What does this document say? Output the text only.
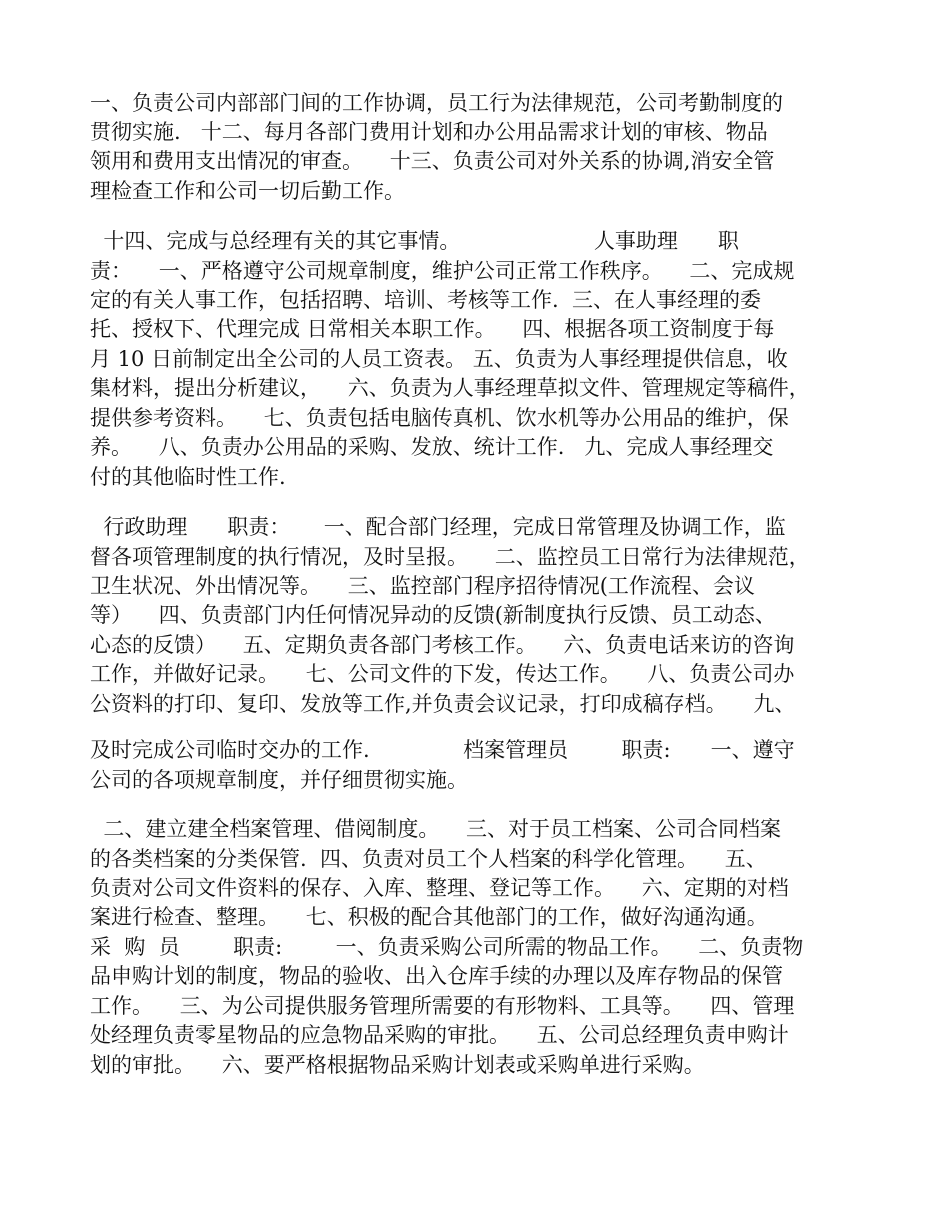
一、负责公司内部部门间的工作协调，员工行为法律规范，公司考勤制度的

贯彻实施.   十二、每月各部门费用计划和办公用品需求计划的审核、物品

领用和费用支出情况的审查。    十三、负责公司对外关系的协调,消安全管

理检查工作和公司一切后勤工作。

十四、完成与总经理有关的其它事情。                    人事助理      职

责：    一、严格遵守公司规章制度，维护公司正常工作秩序。    二、完成规

定的有关人事工作，包括招聘、培训、考核等工作.  三、在人事经理的委

托、授权下、代理完成 日常相关本职工作。    四、根据各项工资制度于每

月 10 日前制定出全公司的人员工资表。 五、负责为人事经理提供信息，收

集材料，提出分析建议，    六、负责为人事经理草拟文件、管理规定等稿件，

提供参考资料。    七、负责包括电脑传真机、饮水机等办公用品的维护，保

养。    八、负责办公用品的采购、发放、统计工作.   九、完成人事经理交

付的其他临时性工作.

行政助理      职责：     一、配合部门经理，完成日常管理及协调工作，监

督各项管理制度的执行情况，及时呈报。    二、监控员工日常行为法律规范，

卫生状况、外出情况等。    三、监控部门程序招待情况(工作流程、会议

等）    四、负责部门内任何情况异动的反馈(新制度执行反馈、员工动态、

心态的反馈）    五、定期负责各部门考核工作。    六、负责电话来访的咨询

工作，并做好记录。    七、公司文件的下发，传达工作。    八、负责公司办

公资料的打印、复印、发放等工作,并负责会议记录，打印成稿存档。    九、

及时完成公司临时交办的工作.              档案管理员        职责:      一、遵守

公司的各项规章制度，并仔细贯彻实施。

二、建立建全档案管理、借阅制度。    三、对于员工档案、公司合同档案

的各类档案的分类保管.  四、负责对员工个人档案的科学化管理。    五、

负责对公司文件资料的保存、入库、整理、登记等工作。    六、定期的对档

案进行检查、整理。    七、积极的配合其他部门的工作，做好沟通沟通。

采  购  员        职责:        一、负责采购公司所需的物品工作。    二、负责物

品申购计划的制度，物品的验收、出入仓库手续的办理以及库存物品的保管

工作。    三、为公司提供服务管理所需要的有形物料、工具等。    四、管理

处经理负责零星物品的应急物品采购的审批。    五、公司总经理负责申购计

划的审批。    六、要严格根据物品采购计划表或采购单进行采购。
